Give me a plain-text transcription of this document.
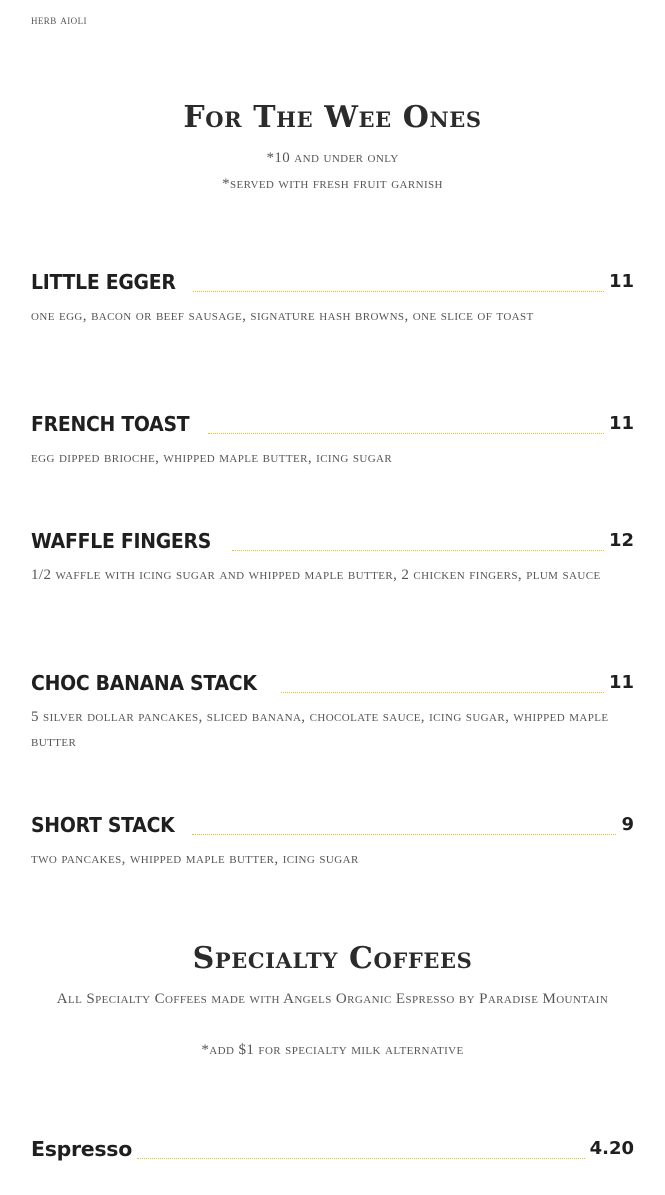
herb aioli
For The Wee Ones

*10 and under only

*served with fresh fruit garnish

LITTLE EGGER	11
one egg, bacon or beef sausage, signature hash browns, one slice of toast
FRENCH TOAST	11
egg dipped brioche, whipped maple butter, icing sugar
WAFFLE FINGERS	12
1/2 waffle with icing sugar and whipped maple butter, 2 chicken fingers, plum sauce
CHOC BANANA STACK	11
5 silver dollar pancakes, sliced banana, chocolate sauce, icing sugar, whipped maple butter
SHORT STACK	9
two pancakes, whipped maple butter, icing sugar
Specialty Coffees

All Specialty Coffees made with Angels Organic Espresso by Paradise Mountain

*add $1 for specialty milk alternative

Espresso	4.20
